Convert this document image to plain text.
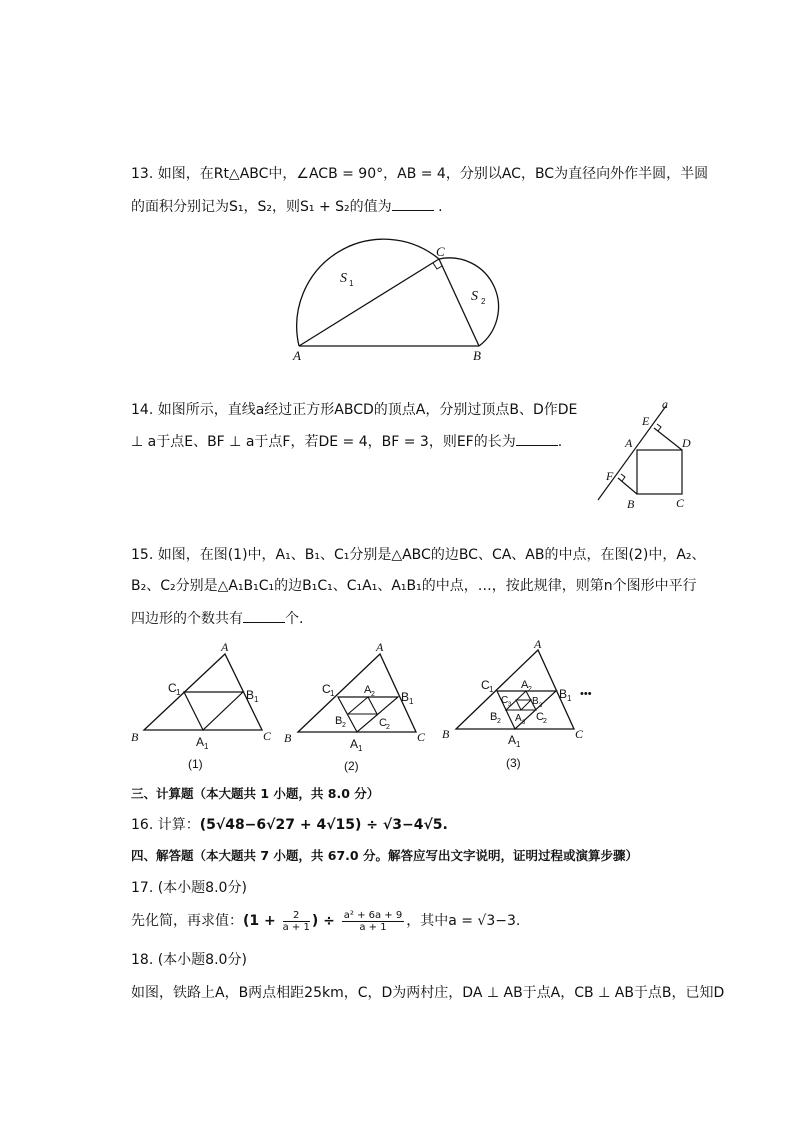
13. 如图，在Rt△ABC中，∠ACB = 90°，AB = 4，分别以AC，BC为直径向外作半圆，半圆
的面积分别记为S₁，S₂，则S₁ + S₂的值为	.
A	B
C
S 1
S 2
14. 如图所示，直线a经过正方形ABCD的顶点A，分别过顶点B、D作DE
⊥ a于点E、BF ⊥ a于点F，若DE = 4，BF = 3，则EF的长为	.
a
E
A	D
F
B	C
15. 如图，在图(1)中，A₁、B₁、C₁分别是△ABC的边BC、CA、AB的中点，在图(2)中，A₂、
B₂、C₂分别是△A₁B₁C₁的边B₁C₁、C₁A₁、A₁B₁的中点，…，按此规律，则第n个图形中平行
四边形的个数共有	个.
A
B	C
C 1	B 1
A 1
(1)
A
B	C
C 1	B 1
A 1
A 2
B 2	C 2
(2)
A
B	C
C 1	B 1 •••
A 1
A 2
B 2	C 2
C 3 B 3
A 3
(3)
三、计算题（本大题共 1 小题，共 8.0 分）
16. 计算：(5√48−6√27 + 4√15) ÷ √3−4√5.
四、解答题（本大题共 7 小题，共 67.0 分。解答应写出文字说明，证明过程或演算步骤）
17. (本小题8.0分)
先化简，再求值：($1 + \frac{2}{a + 1}$ ) ÷ $\frac{\text{a² + 6a + 9}}{a + 1}$ ，其中a = √3−3.
18. (本小题8.0分)
如图，铁路上A，B两点相距25km，C，D为两村庄，DA ⊥ AB于点A，CB ⊥ AB于点B，已知D
